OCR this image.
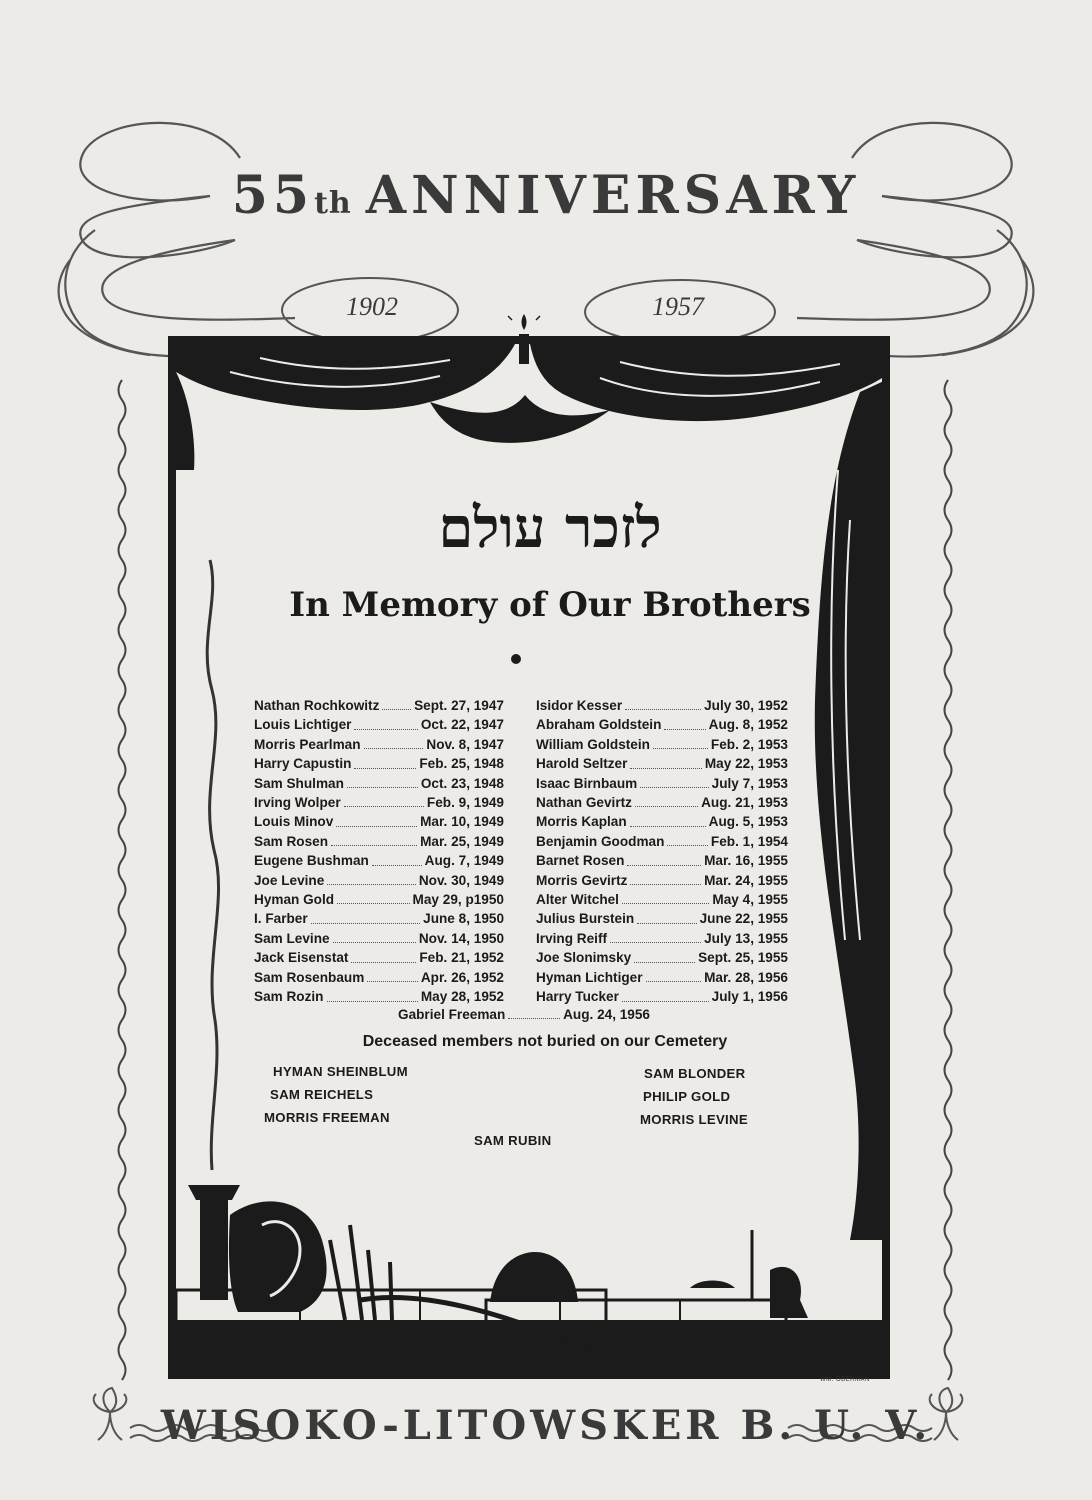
55th ANNIVERSARY
1902	1957
לזכר עולם
In Memory of Our Brothers
Nathan Rochkowitz	Sept. 27, 1947
Louis Lichtiger	Oct. 22, 1947
Morris Pearlman	Nov. 8, 1947
Harry Capustin	Feb. 25, 1948
Sam Shulman	Oct. 23, 1948
Irving Wolper	Feb. 9, 1949
Louis Minov	Mar. 10, 1949
Sam Rosen	Mar. 25, 1949
Eugene Bushman	Aug. 7, 1949
Joe Levine	Nov. 30, 1949
Hyman Gold	May 29, p1950
I. Farber	June 8, 1950
Sam Levine	Nov. 14, 1950
Jack Eisenstat	Feb. 21, 1952
Sam Rosenbaum	Apr. 26, 1952
Sam Rozin	May 28, 1952
Isidor Kesser	July 30, 1952
Abraham Goldstein	Aug. 8, 1952
William Goldstein	Feb. 2, 1953
Harold Seltzer	May 22, 1953
Isaac Birnbaum	July 7, 1953
Nathan Gevirtz	Aug. 21, 1953
Morris Kaplan	Aug. 5, 1953
Benjamin Goodman	Feb. 1, 1954
Barnet Rosen	Mar. 16, 1955
Morris Gevirtz	Mar. 24, 1955
Alter Witchel	May 4, 1955
Julius Burstein	June 22, 1955
Irving Reiff	July 13, 1955
Joe Slonimsky	Sept. 25, 1955
Hyman Lichtiger	Mar. 28, 1956
Harry Tucker	July 1, 1956
Gabriel Freeman	Aug. 24, 1956
Deceased members not buried on our Cemetery
HYMAN SHEINBLUM
SAM REICHELS
MORRIS FREEMAN
SAM BLONDER
PHILIP GOLD
MORRIS LEVINE
SAM RUBIN
WM. OBERMAN
WISOKO-LITOWSKER B. U. V.
